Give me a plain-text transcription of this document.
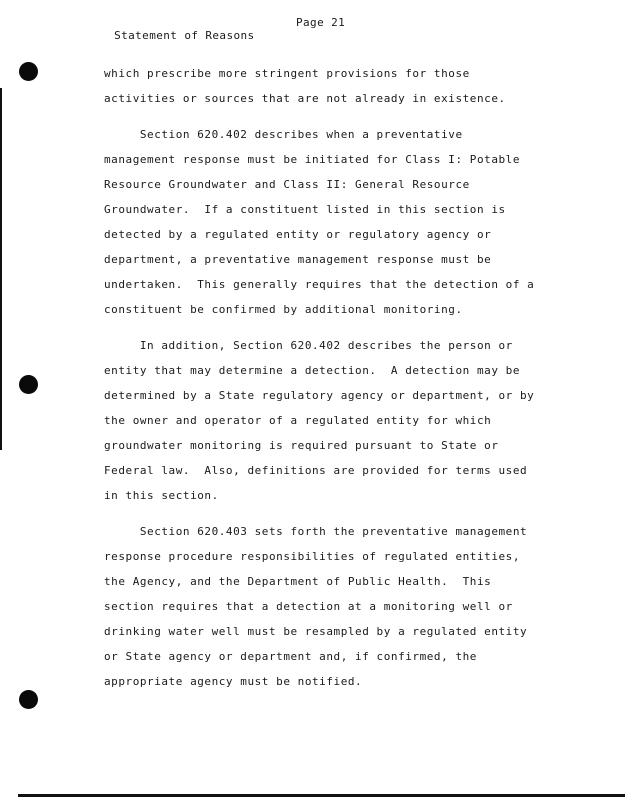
Statement of Reasons

Page 21

which prescribe more stringent provisions for those
activities or sources that are not already in existence.
Section 620.402 describes when a preventative
management response must be initiated for Class I: Potable
Resource Groundwater and Class II: General Resource
Groundwater.  If a constituent listed in this section is
detected by a regulated entity or regulatory agency or
department, a preventative management response must be
undertaken.  This generally requires that the detection of a
constituent be confirmed by additional monitoring.
In addition, Section 620.402 describes the person or
entity that may determine a detection.  A detection may be
determined by a State regulatory agency or department, or by
the owner and operator of a regulated entity for which
groundwater monitoring is required pursuant to State or
Federal law.  Also, definitions are provided for terms used
in this section.
Section 620.403 sets forth the preventative management
response procedure responsibilities of regulated entities,
the Agency, and the Department of Public Health.  This
section requires that a detection at a monitoring well or
drinking water well must be resampled by a regulated entity
or State agency or department and, if confirmed, the
appropriate agency must be notified.
